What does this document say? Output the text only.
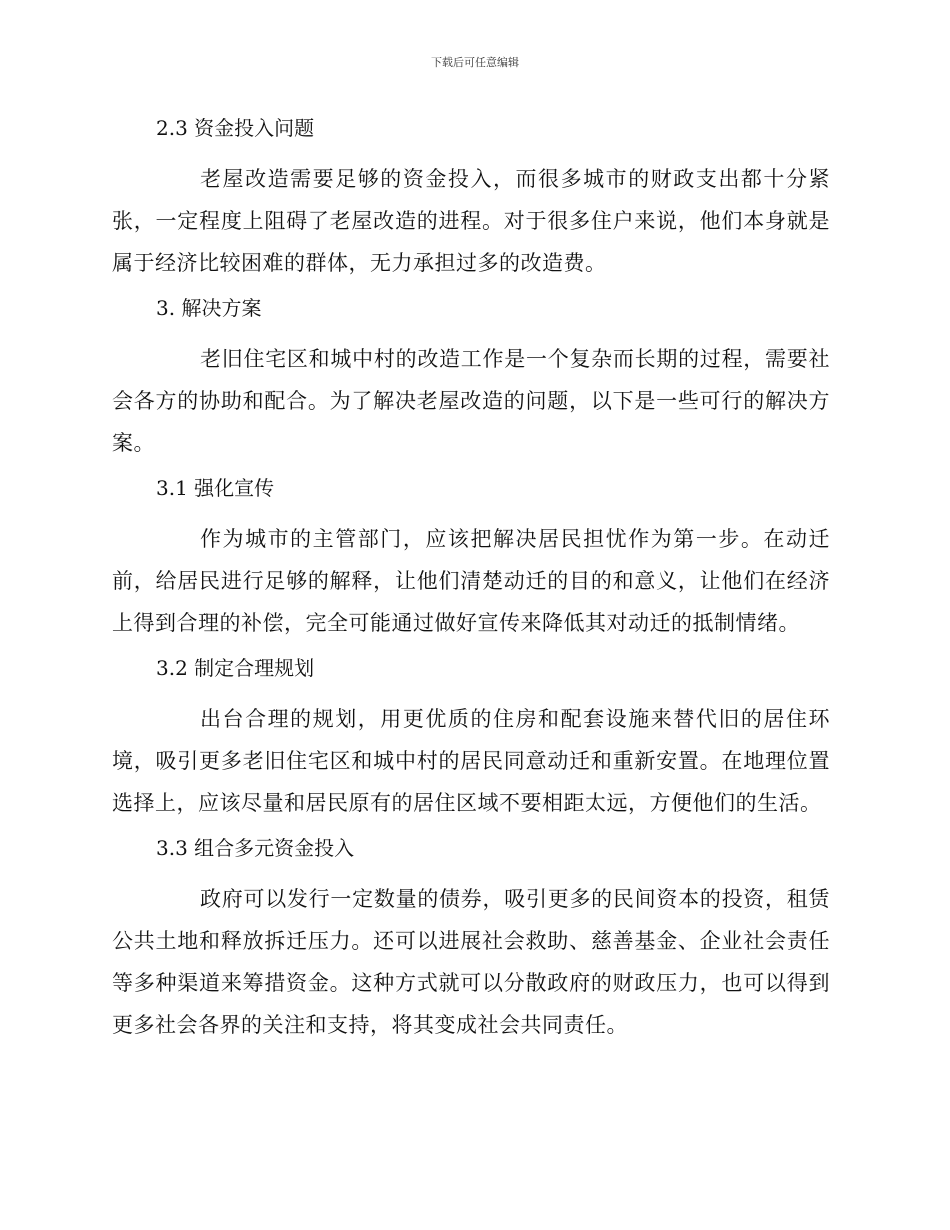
下载后可任意编辑
2.3 资金投入问题

老屋改造需要足够的资金投入，而很多城市的财政支出都十分紧张，一定程度上阻碍了老屋改造的进程。对于很多住户来说，他们本身就是属于经济比较困难的群体，无力承担过多的改造费。

3. 解决方案

老旧住宅区和城中村的改造工作是一个复杂而长期的过程，需要社会各方的协助和配合。为了解决老屋改造的问题，以下是一些可行的解决方案。

3.1 强化宣传

作为城市的主管部门，应该把解决居民担忧作为第一步。在动迁前，给居民进行足够的解释，让他们清楚动迁的目的和意义，让他们在经济上得到合理的补偿，完全可能通过做好宣传来降低其对动迁的抵制情绪。

3.2 制定合理规划

出台合理的规划，用更优质的住房和配套设施来替代旧的居住环境，吸引更多老旧住宅区和城中村的居民同意动迁和重新安置。在地理位置选择上，应该尽量和居民原有的居住区域不要相距太远，方便他们的生活。

3.3 组合多元资金投入

政府可以发行一定数量的债券，吸引更多的民间资本的投资，租赁公共土地和释放拆迁压力。还可以进展社会救助、慈善基金、企业社会责任等多种渠道来筹措资金。这种方式就可以分散政府的财政压力，也可以得到更多社会各界的关注和支持，将其变成社会共同责任。
